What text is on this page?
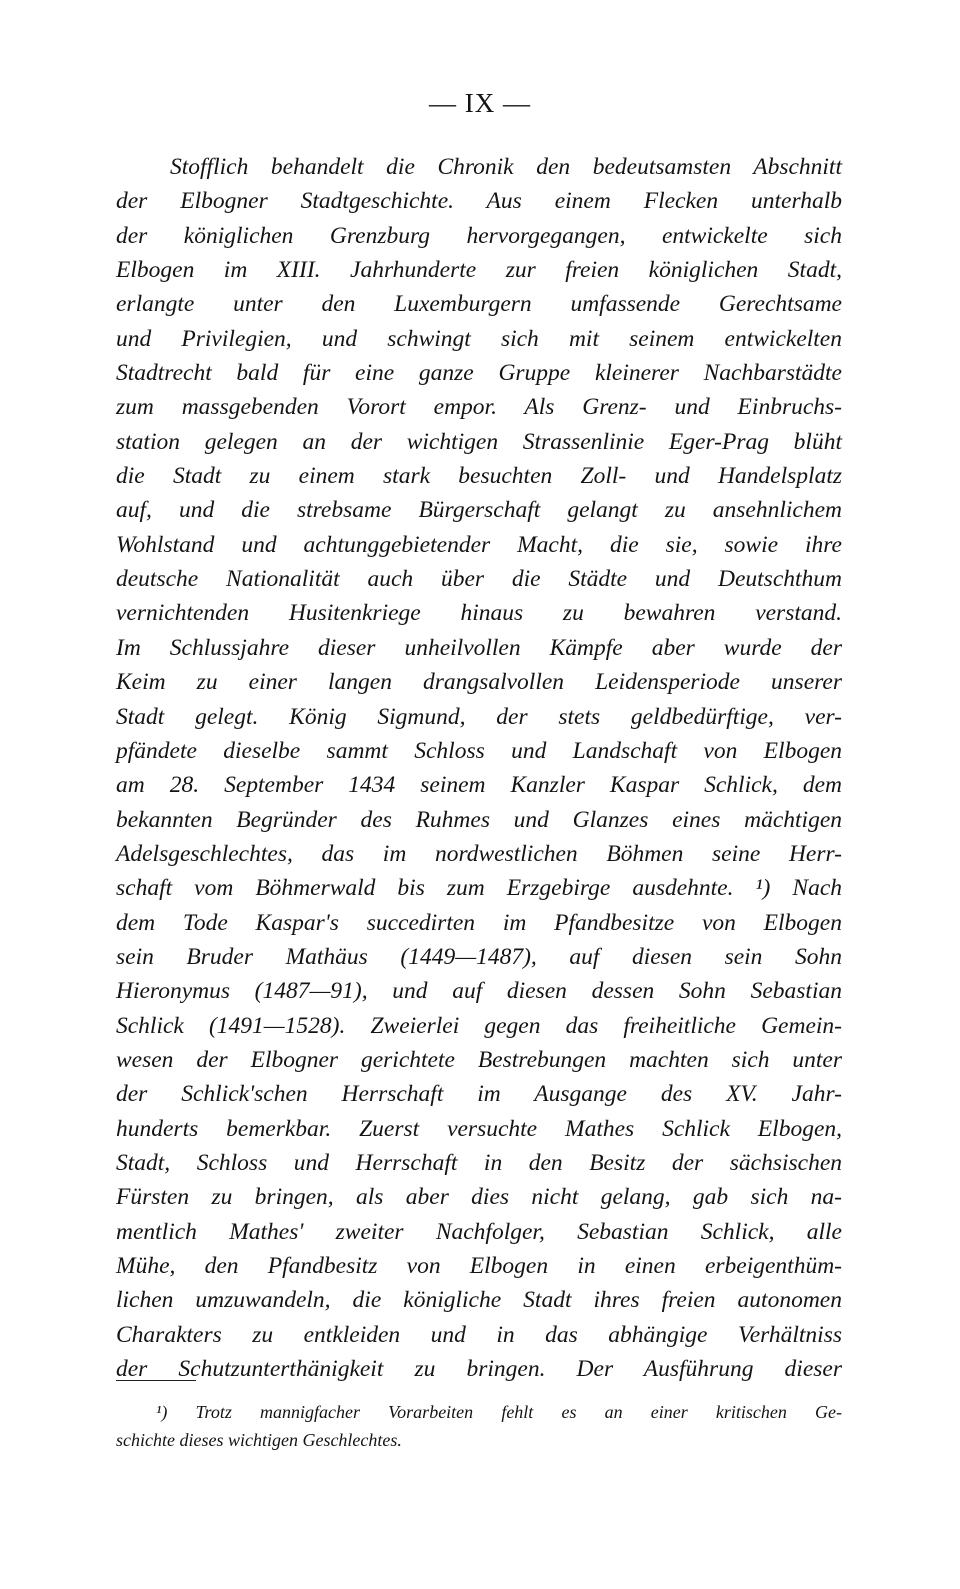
— IX —
Stofflich behandelt die Chronik den bedeutsamsten Abschnitt
der Elbogner Stadtgeschichte. Aus einem Flecken unterhalb
der königlichen Grenzburg hervorgegangen, entwickelte sich
Elbogen im XIII. Jahrhunderte zur freien königlichen Stadt,
erlangte unter den Luxemburgern umfassende Gerechtsame
und Privilegien, und schwingt sich mit seinem entwickelten
Stadtrecht bald für eine ganze Gruppe kleinerer Nachbarstädte
zum massgebenden Vorort empor. Als Grenz- und Einbruchs-
station gelegen an der wichtigen Strassenlinie Eger-Prag blüht
die Stadt zu einem stark besuchten Zoll- und Handelsplatz
auf, und die strebsame Bürgerschaft gelangt zu ansehnlichem
Wohlstand und achtunggebietender Macht, die sie, sowie ihre
deutsche Nationalität auch über die Städte und Deutschthum
vernichtenden Husitenkriege hinaus zu bewahren verstand.
Im Schlussjahre dieser unheilvollen Kämpfe aber wurde der
Keim zu einer langen drangsalvollen Leidensperiode unserer
Stadt gelegt. König Sigmund, der stets geldbedürftige, ver-
pfändete dieselbe sammt Schloss und Landschaft von Elbogen
am 28. September 1434 seinem Kanzler Kaspar Schlick, dem
bekannten Begründer des Ruhmes und Glanzes eines mächtigen
Adelsgeschlechtes, das im nordwestlichen Böhmen seine Herr-
schaft vom Böhmerwald bis zum Erzgebirge ausdehnte. ¹) Nach
dem Tode Kaspar's succedirten im Pfandbesitze von Elbogen
sein Bruder Mathäus (1449—1487), auf diesen sein Sohn
Hieronymus (1487—91), und auf diesen dessen Sohn Sebastian
Schlick (1491—1528). Zweierlei gegen das freiheitliche Gemein-
wesen der Elbogner gerichtete Bestrebungen machten sich unter
der Schlick'schen Herrschaft im Ausgange des XV. Jahr-
hunderts bemerkbar. Zuerst versuchte Mathes Schlick Elbogen,
Stadt, Schloss und Herrschaft in den Besitz der sächsischen
Fürsten zu bringen, als aber dies nicht gelang, gab sich na-
mentlich Mathes' zweiter Nachfolger, Sebastian Schlick, alle
Mühe, den Pfandbesitz von Elbogen in einen erbeigenthüm-
lichen umzuwandeln, die königliche Stadt ihres freien autonomen
Charakters zu entkleiden und in das abhängige Verhältniss
der Schutzunterthänigkeit zu bringen. Der Ausführung dieser
¹) Trotz mannigfacher Vorarbeiten fehlt es an einer kritischen Ge-
schichte dieses wichtigen Geschlechtes.
